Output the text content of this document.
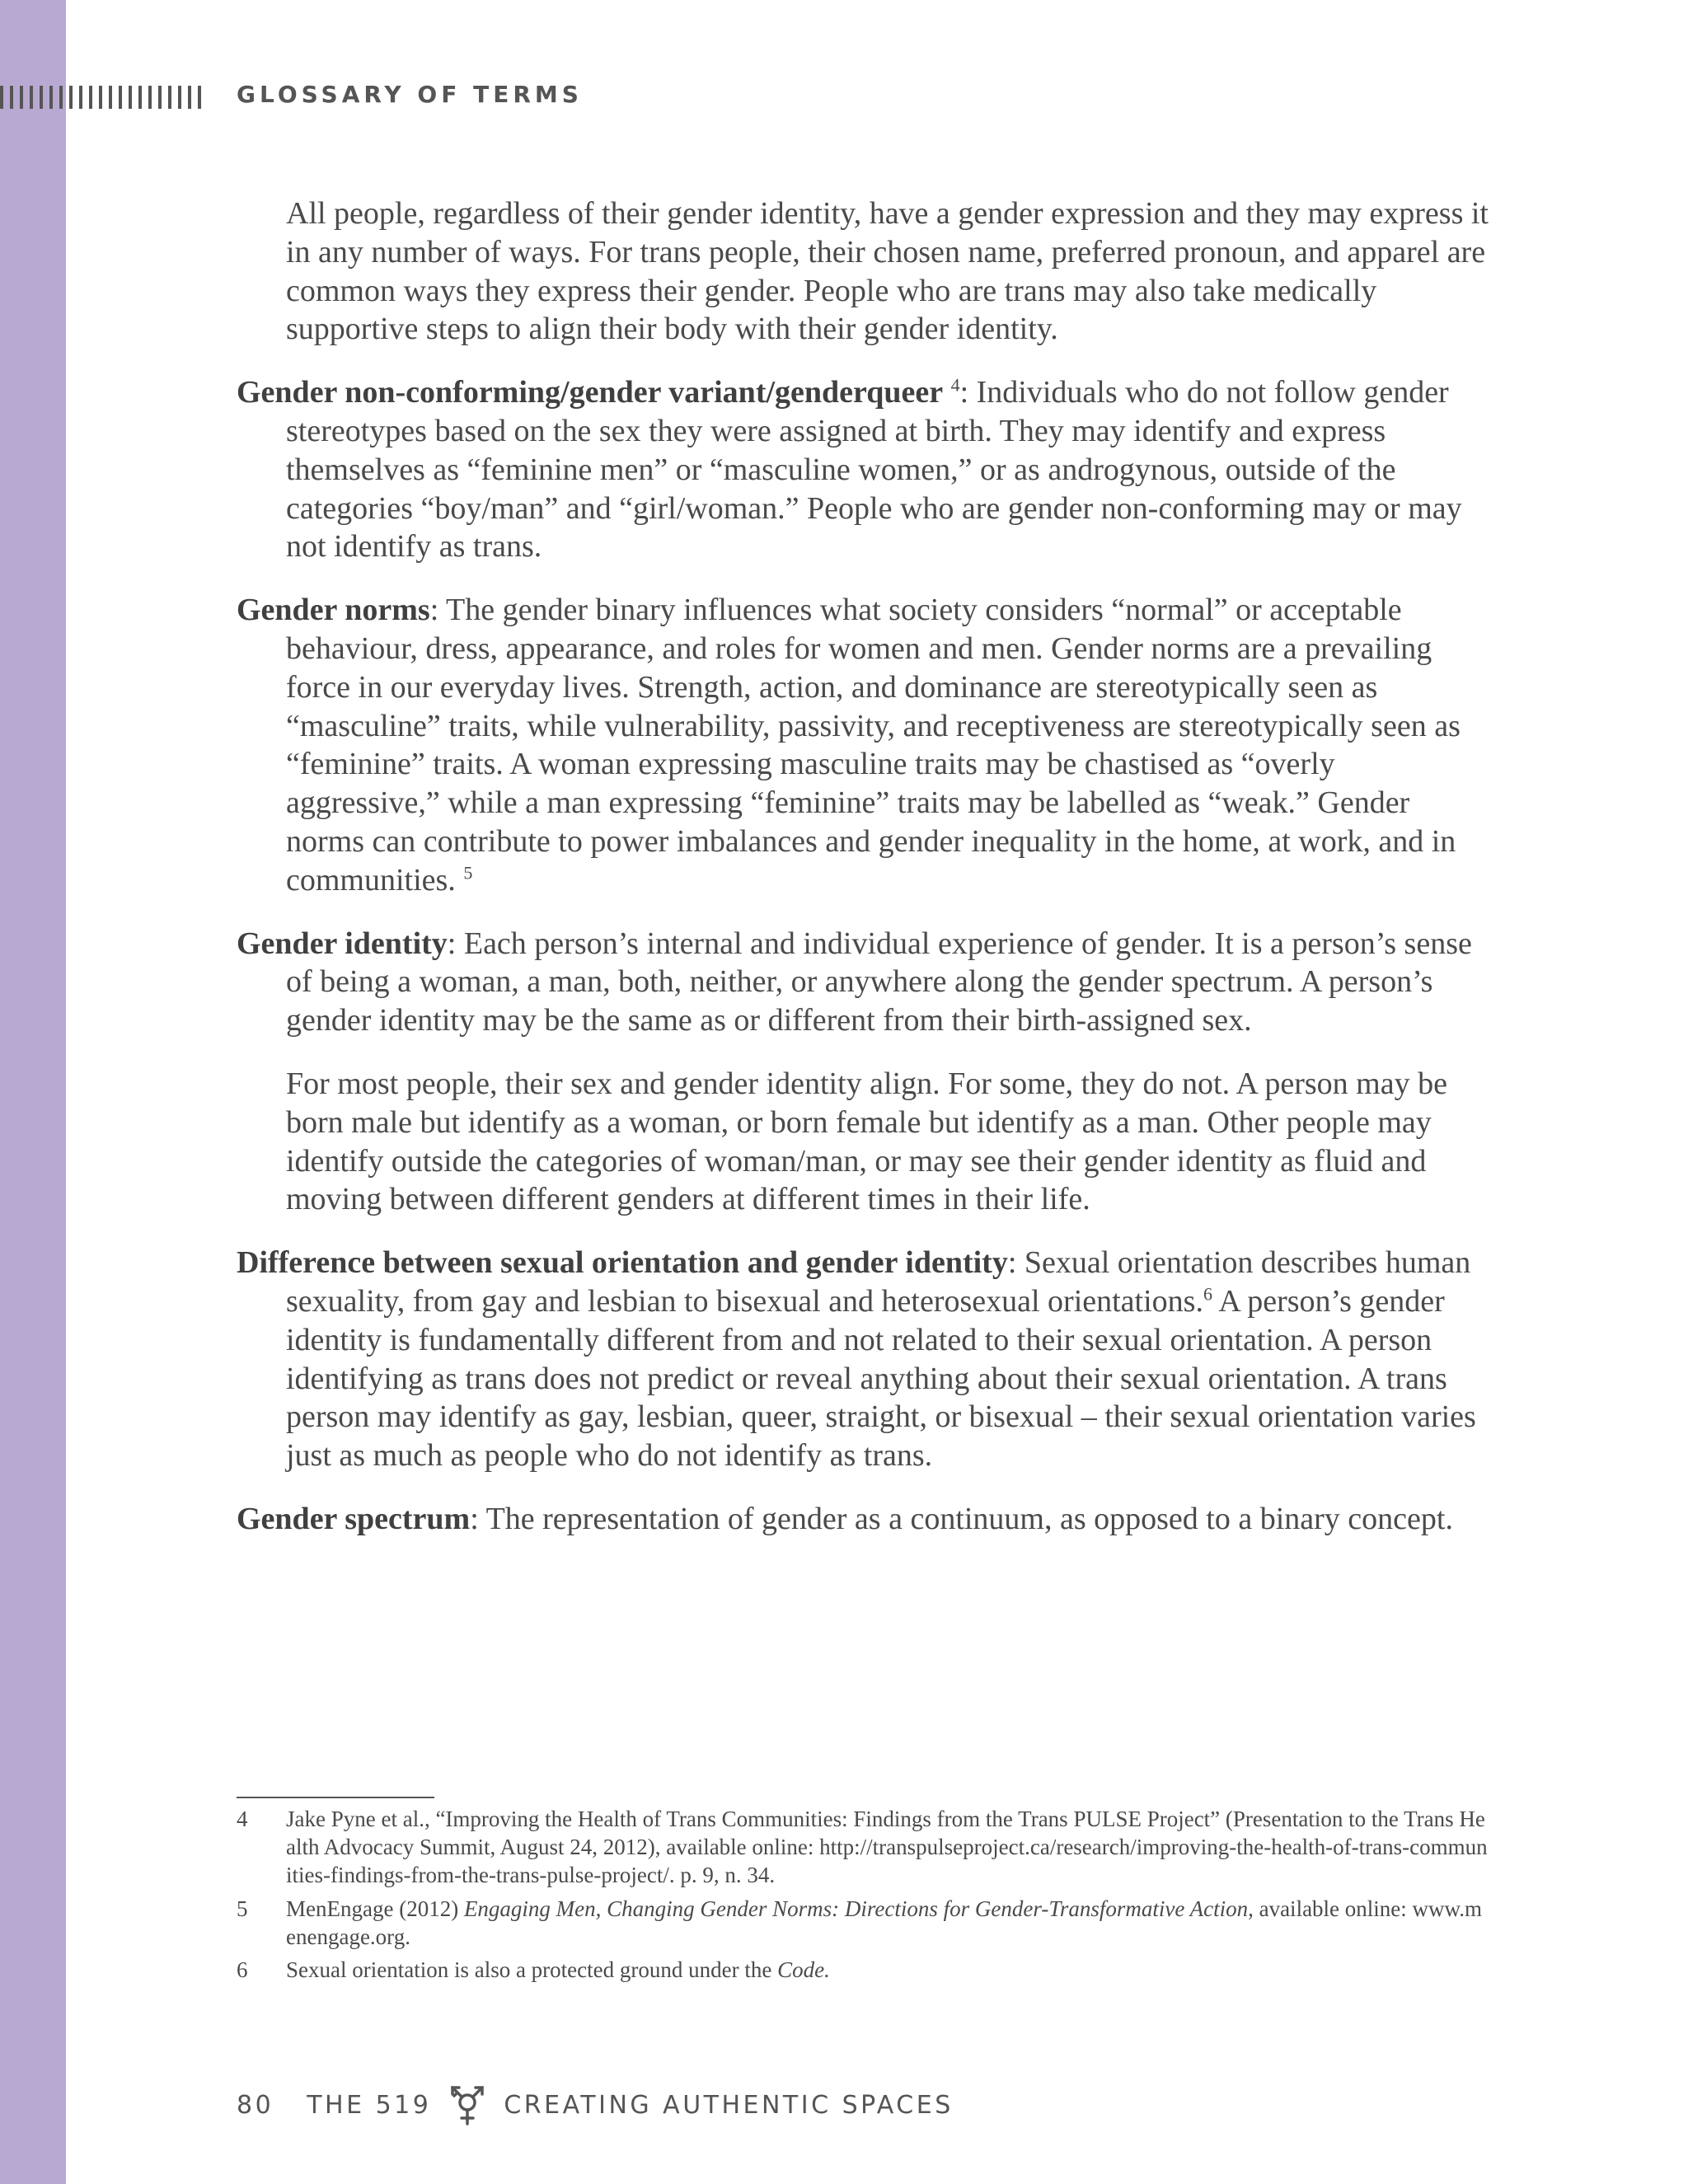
GLOSSARY OF TERMS

All people, regardless of their gender identity, have a gender expression and they may express it in any number of ways. For trans people, their chosen name, preferred pronoun, and apparel are common ways they express their gender. People who are trans may also take medically supportive steps to align their body with their gender identity.

Gender non-conforming/gender variant/genderqueer $^4$: Individuals who do not follow gender stereotypes based on the sex they were assigned at birth. They may identify and express themselves as “feminine men” or “masculine women,” or as androgynous, outside of the categories “boy/man” and “girl/woman.” People who are gender non-conforming may or may not identify as trans.

Gender norms: The gender binary influences what society considers “normal” or acceptable behaviour, dress, appearance, and roles for women and men. Gender norms are a prevailing force in our everyday lives. Strength, action, and dominance are stereotypically seen as “masculine” traits, while vulnerability, passivity, and receptiveness are stereotypically seen as “feminine” traits. A woman expressing masculine traits may be chastised as “overly aggressive,” while a man expressing “feminine” traits may be labelled as “weak.” Gender norms can contribute to power imbalances and gender inequality in the home, at work, and in communities. $^5$

Gender identity: Each person’s internal and individual experience of gender. It is a person’s sense of being a woman, a man, both, neither, or anywhere along the gender spectrum. A person’s gender identity may be the same as or different from their birth-assigned sex.

For most people, their sex and gender identity align. For some, they do not. A person may be born male but identify as a woman, or born female but identify as a man. Other people may identify outside the categories of woman/man, or may see their gender identity as fluid and moving between different genders at different times in their life.

Difference between sexual orientation and gender identity: Sexual orientation describes human sexuality, from gay and lesbian to bisexual and heterosexual orientations.$^6$ A person’s gender identity is fundamentally different from and not related to their sexual orientation. A person identifying as trans does not predict or reveal anything about their sexual orientation. A trans person may identify as gay, lesbian, queer, straight, or bisexual – their sexual orientation varies just as much as people who do not identify as trans.

Gender spectrum: The representation of gender as a continuum, as opposed to a binary concept.

4	Jake Pyne et al., “Improving the Health of Trans Communities: Findings from the Trans PULSE Project” (Presentation to the Trans Health Advocacy Summit, August 24, 2012), available online: http://transpulseproject.ca/research/improving-the-health-of-trans-communities-findings-from-the-trans-pulse-project/. p. 9, n. 34.
5	MenEngage (2012) Engaging Men, Changing Gender Norms: Directions for Gender-Transformative Action, available online: www.menengage.org.
6	Sexual orientation is also a protected ground under the Code.
80 THE 519	CREATING AUTHENTIC SPACES
